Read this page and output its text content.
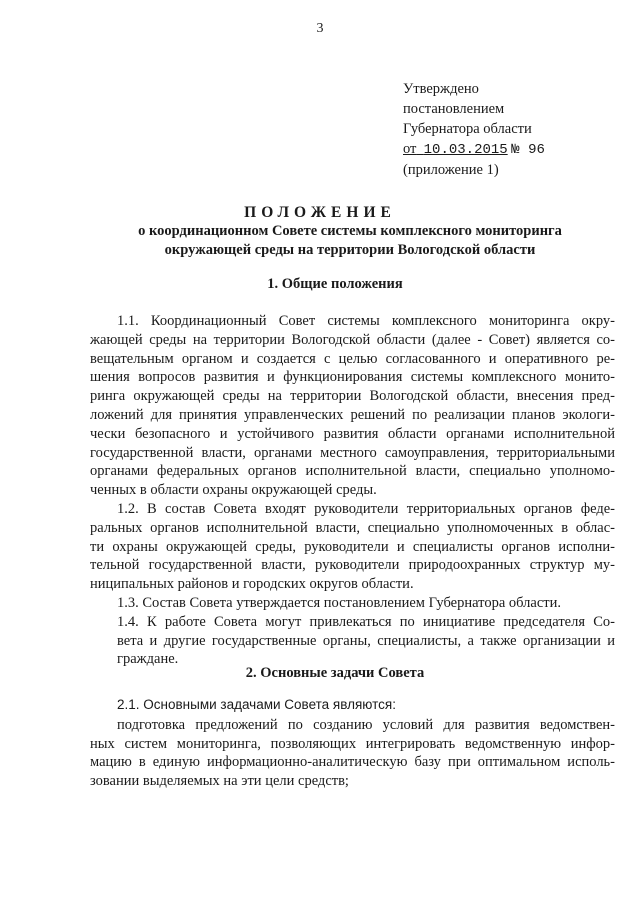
3
Утверждено
постановлением
Губернатора области
от 10.03.2015 № 96
(приложение 1)
ПОЛОЖЕНИЕ
о координационном Совете системы комплексного мониторинга
окружающей среды на территории Вологодской области
1. Общие положения
1.1. Координационный Совет системы комплексного мониторинга окру-
жающей среды на территории Вологодской области (далее - Совет) является со-
вещательным органом и создается с целью согласованного и оперативного ре-
шения вопросов развития и функционирования системы комплексного монито-
ринга окружающей среды на территории Вологодской области, внесения пред-
ложений для принятия управленческих решений по реализации планов экологи-
чески безопасного и устойчивого развития области органами исполнительной
государственной власти, органами местного самоуправления, территориальными
органами федеральных органов исполнительной власти, специально уполномо-
ченных в области охраны окружающей среды.
1.2. В состав Совета входят руководители территориальных органов феде-
ральных органов исполнительной власти, специально уполномоченных в облас-
ти охраны окружающей среды, руководители и специалисты органов исполни-
тельной государственной власти, руководители природоохранных структур му-
ниципальных районов и городских округов области.
1.3. Состав Совета утверждается постановлением Губернатора области.
1.4. К работе Совета могут привлекаться по инициативе председателя Со-
вета и другие государственные органы, специалисты, а также организации и
граждане.
2. Основные задачи Совета
2.1. Основными задачами Совета являются:
подготовка предложений по созданию условий для развития ведомствен-
ных систем мониторинга, позволяющих интегрировать ведомственную инфор-
мацию в единую информационно-аналитическую базу при оптимальном исполь-
зовании выделяемых на эти цели средств;
